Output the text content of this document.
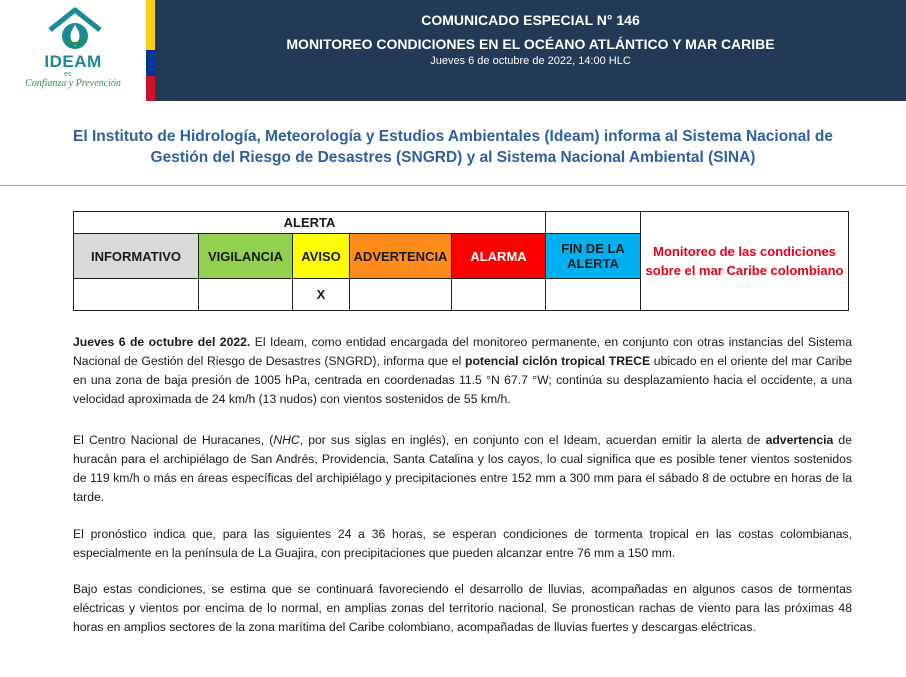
IDEAM
es
Confianza y Prevención
COMUNICADO ESPECIAL N° 146
MONITOREO CONDICIONES EN EL OCÉANO ATLÁNTICO Y MAR CARIBE
Jueves 6 de octubre de 2022, 14:00 HLC
El Instituto de Hidrología, Meteorología y Estudios Ambientales (Ideam) informa al Sistema Nacional de Gestión del Riesgo de Desastres (SNGRD) y al Sistema Nacional Ambiental (SINA)
ALERTA						Monitoreo de las condiciones sobre el mar Caribe colombiano
INFORMATIVO	VIGILANCIA	AVISO	ADVERTENCIA	ALARMA	FIN DE LA ALERTA	
		X				
Jueves 6 de octubre del 2022. El Ideam, como entidad encargada del monitoreo permanente, en conjunto con otras instancias del Sistema Nacional de Gestión del Riesgo de Desastres (SNGRD), informa que el potencial ciclón tropical TRECE ubicado en el oriente del mar Caribe en una zona de baja presión de 1005 hPa, centrada en coordenadas 11.5 °N 67.7 °W; continúa su desplazamiento hacia el occidente, a una velocidad aproximada de 24 km/h (13 nudos) con vientos sostenidos de 55 km/h.
El Centro Nacional de Huracanes, (NHC, por sus siglas en inglés), en conjunto con el Ideam, acuerdan emitir la alerta de advertencia de huracán para el archipiélago de San Andrés, Providencia, Santa Catalina y los cayos, lo cual significa que es posible tener vientos sostenidos de 119 km/h o más en áreas específicas del archipiélago y precipitaciones entre 152 mm a 300 mm para el sábado 8 de octubre en horas de la tarde.
El pronóstico indica que, para las siguientes 24 a 36 horas, se esperan condiciones de tormenta tropical en las costas colombianas, especialmente en la península de La Guajira, con precipitaciones que pueden alcanzar entre 76 mm a 150 mm.
Bajo estas condiciones, se estima que se continuará favoreciendo el desarrollo de lluvias, acompañadas en algunos casos de tormentas eléctricas y vientos por encima de lo normal, en amplias zonas del territorio nacional. Se pronostican rachas de viento para las próximas 48 horas en amplios sectores de la zona marítima del Caribe colombiano, acompañadas de lluvias fuertes y descargas eléctricas.
